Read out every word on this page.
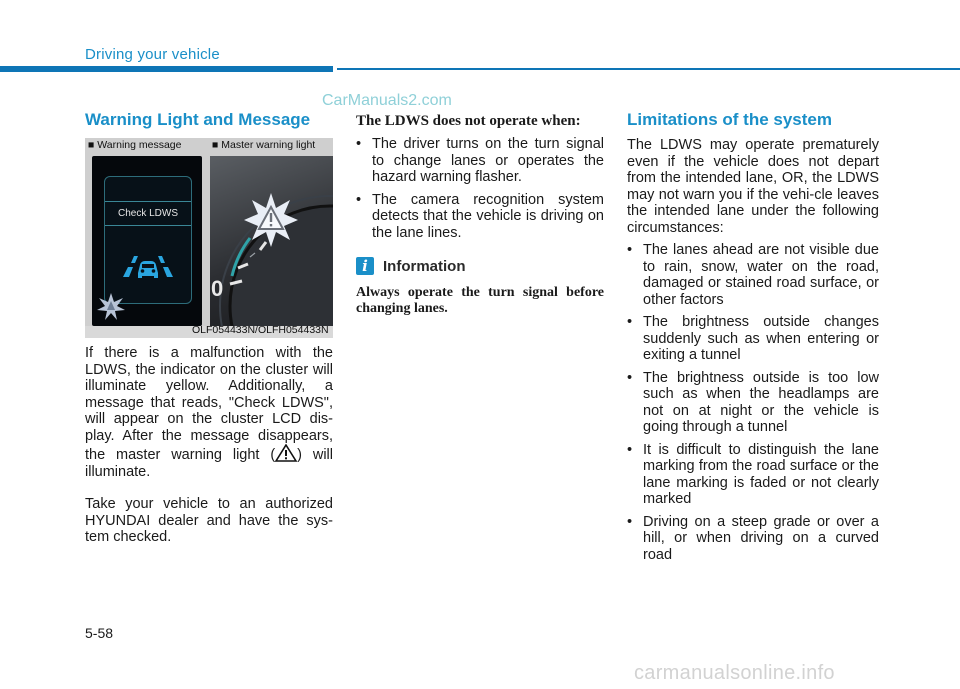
Driving your vehicle
CarManuals2.com
Warning Light and Message
■ Warning message	■ Master warning light
Check LDWS
0
OLF054433N/OLFH054433N

If there is a malfunction with the LDWS, the indicator on the cluster will illuminate yellow. Additionally, a message that reads, "Check LDWS", will appear on the cluster LCD dis-play. After the message disappears, the master warning light ( ) will illuminate.

Take your vehicle to an authorized HYUNDAI dealer and have the sys-tem checked.

The LDWS does not operate when:

• The driver turns on the turn signal to change lanes or operates the hazard warning flasher.
• The camera recognition system detects that the vehicle is driving on the lane lines.
i	Information
Always operate the turn signal before changing lanes.
Limitations of the system

The LDWS may operate prematurely even if the vehicle does not depart from the intended lane, OR, the LDWS may not warn you if the vehi-cle leaves the intended lane under the following circumstances:

• The lanes ahead are not visible due to rain, snow, water on the road, damaged or stained road surface, or other factors
• The brightness outside changes suddenly such as when entering or exiting a tunnel
• The brightness outside is too low such as when the headlamps are not on at night or the vehicle is going through a tunnel
• It is difficult to distinguish the lane marking from the road surface or the lane marking is faded or not clearly marked
• Driving on a steep grade or over a hill, or when driving on a curved road
5-58
carmanualsonline.info
